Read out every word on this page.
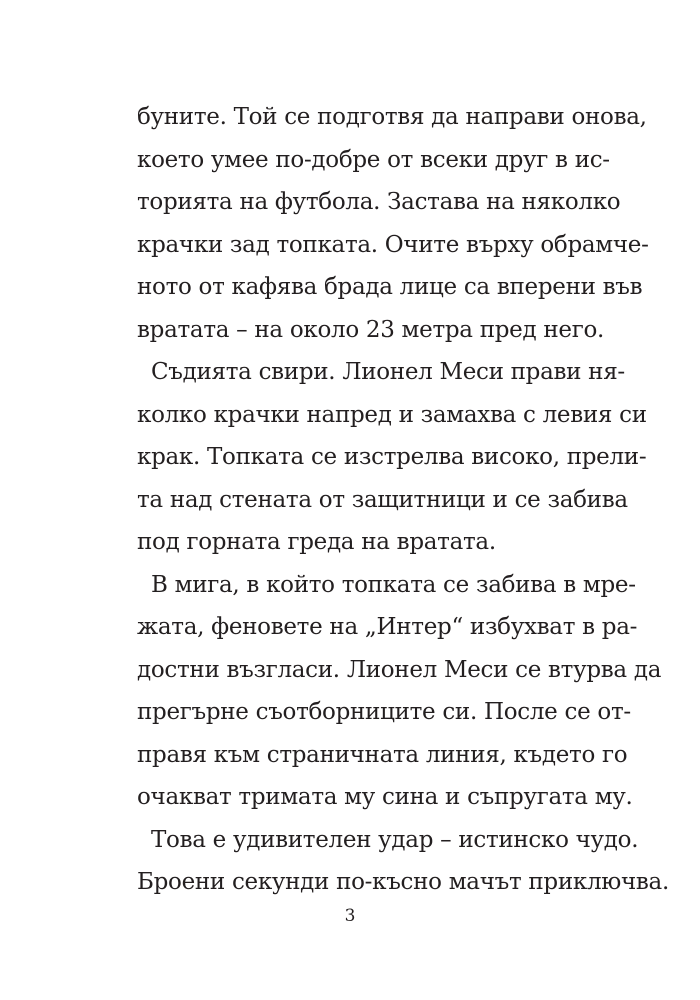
буните. Той се подготвя да направи онова,
което умее по-добре от всеки друг в ис-
торията на футбола. Застава на няколко
крачки зад топката. Очите върху обрамче-
ното от кафява брада лице са вперени във
вратата – на около 23 метра пред него.
Съдията свири. Лионел Меси прави ня-
колко крачки напред и замахва с левия си
крак. Топката се изстрелва високо, прели-
та над стената от защитници и се забива
под горната греда на вратата.
В мига, в който топката се забива в мре-
жата, феновете на „Интер“ избухват в ра-
достни възгласи. Лионел Меси се втурва да
прегърне съотборниците си. После се от-
правя към страничната линия, където го
очакват тримата му сина и съпругата му.
Това е удивителен удар – истинско чудо.
Броени секунди по-късно мачът приключва.
3
